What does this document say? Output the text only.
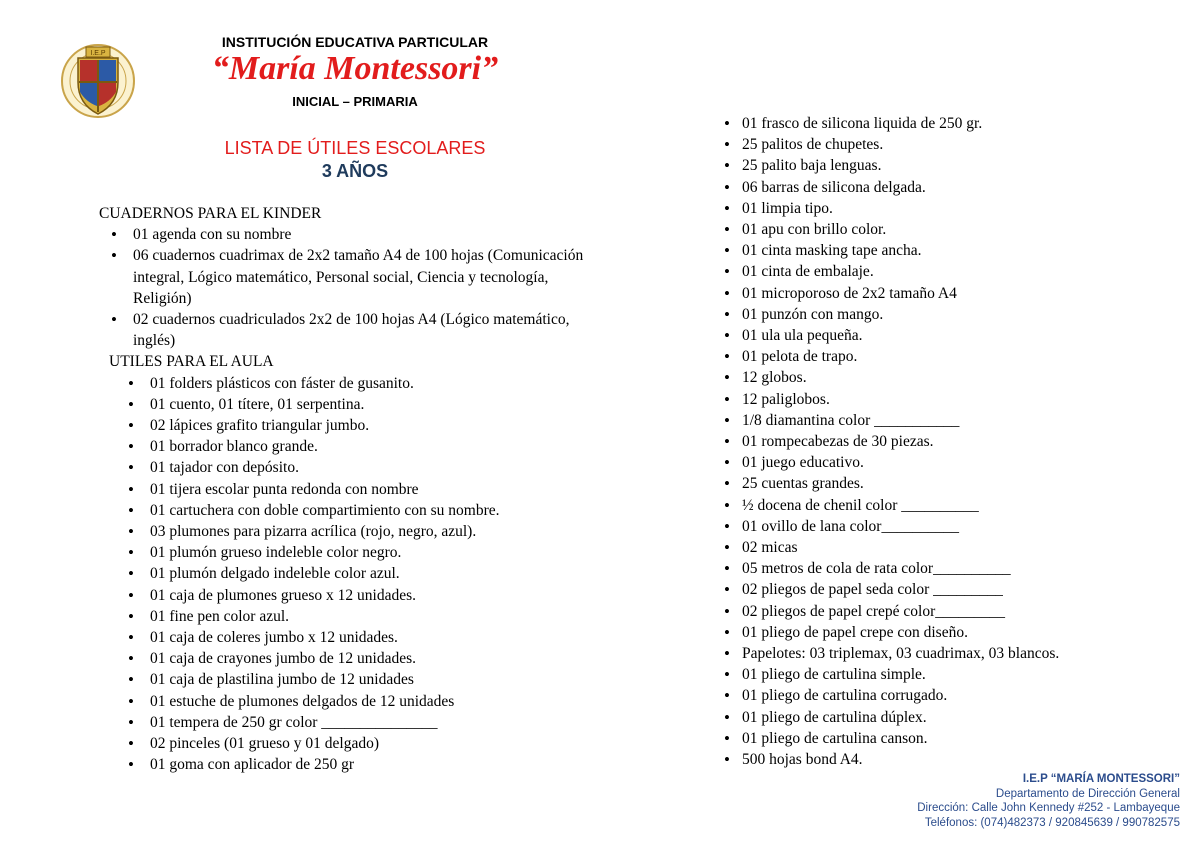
I.E.P
INSTITUCIÓN EDUCATIVA PARTICULAR
“María Montessori”
INICIAL – PRIMARIA
LISTA DE ÚTILES ESCOLARES
3 AÑOS
CUADERNOS PARA EL KINDER
• 01 agenda con su nombre
• 06 cuadernos cuadrimax de 2x2 tamaño A4 de 100 hojas (Comunicación integral, Lógico matemático, Personal social, Ciencia y tecnología, Religión)
• 02 cuadernos cuadriculados 2x2 de 100 hojas A4 (Lógico matemático, inglés)
UTILES PARA EL AULA
• 01 folders plásticos con fáster de gusanito.
• 01 cuento, 01 títere, 01 serpentina.
• 02 lápices grafito triangular jumbo.
• 01 borrador blanco grande.
• 01 tajador con depósito.
• 01 tijera escolar punta redonda con nombre
• 01 cartuchera con doble compartimiento con su nombre.
• 03 plumones para pizarra acrílica (rojo, negro, azul).
• 01 plumón grueso indeleble color negro.
• 01 plumón delgado indeleble color azul.
• 01 caja de plumones grueso x 12 unidades.
• 01 fine pen color azul.
• 01 caja de coleres jumbo x 12 unidades.
• 01 caja de crayones jumbo de 12 unidades.
• 01 caja de plastilina jumbo de 12 unidades
• 01 estuche de plumones delgados de 12 unidades
• 01 tempera de 250 gr color _______________
• 02 pinceles (01 grueso y 01 delgado)
• 01 goma con aplicador de 250 gr
• 01 frasco de silicona liquida de 250 gr.
• 25 palitos de chupetes.
• 25 palito baja lenguas.
• 06 barras de silicona delgada.
• 01 limpia tipo.
• 01 apu con brillo color.
• 01 cinta masking tape ancha.
• 01 cinta de embalaje.
• 01 microporoso de 2x2 tamaño A4
• 01 punzón con mango.
• 01 ula ula pequeña.
• 01 pelota de trapo.
• 12 globos.
• 12 paliglobos.
• 1/8 diamantina color ___________
• 01 rompecabezas de 30 piezas.
• 01 juego educativo.
• 25 cuentas grandes.
• ½ docena de chenil color __________
• 01 ovillo de lana color__________
• 02 micas
• 05 metros de cola de rata color__________
• 02 pliegos de papel seda color _________
• 02 pliegos de papel crepé color_________
• 01 pliego de papel crepe con diseño.
• Papelotes: 03 triplemax, 03 cuadrimax, 03 blancos.
• 01 pliego de cartulina simple.
• 01 pliego de cartulina corrugado.
• 01 pliego de cartulina dúplex.
• 01 pliego de cartulina canson.
• 500 hojas bond A4.
I.E.P “MARÍA MONTESSORI”
Departamento de Dirección General
Dirección: Calle John Kennedy #252 - Lambayeque
Teléfonos: (074)482373 / 920845639 / 990782575
